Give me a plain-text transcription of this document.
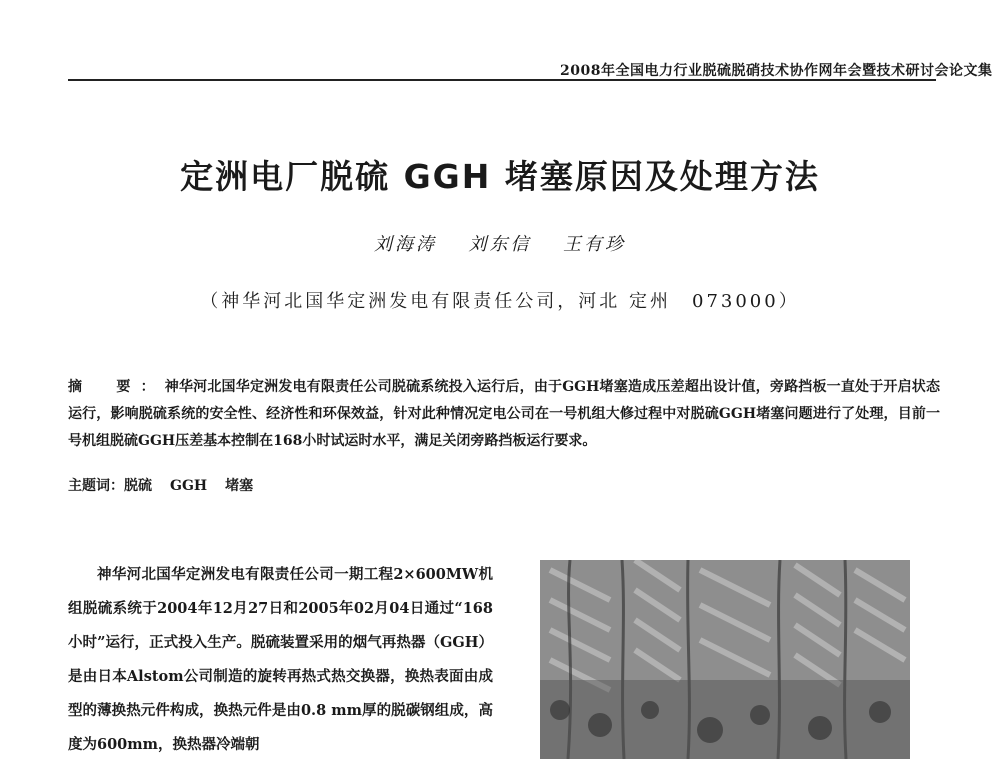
2008年全国电力行业脱硫脱硝技术协作网年会暨技术研讨会论文集
定洲电厂脱硫 GGH 堵塞原因及处理方法
刘海涛 刘东信 王有珍
（神华河北国华定洲发电有限责任公司，河北 定州　073000）
摘　要：神华河北国华定洲发电有限责任公司脱硫系统投入运行后，由于GGH堵塞造成压差超出设计值，旁路挡板一直处于开启状态运行，影响脱硫系统的安全性、经济性和环保效益，针对此种情况定电公司在一号机组大修过程中对脱硫GGH堵塞问题进行了处理，目前一号机组脱硫GGH压差基本控制在168小时试运时水平，满足关闭旁路挡板运行要求。
主题词：脱硫 GGH 堵塞
神华河北国华定洲发电有限责任公司一期工程2×600MW机组脱硫系统于2004年12月27日和2005年02月04日通过“168小时”运行，正式投入生产。脱硫装置采用的烟气再热器（GGH）是由日本Alstom公司制造的旋转再热式热交换器，换热表面由成型的薄换热元件构成，换热元件是由0.8 mm厚的脱碳钢组成，高度为600mm，换热器冷端朝
